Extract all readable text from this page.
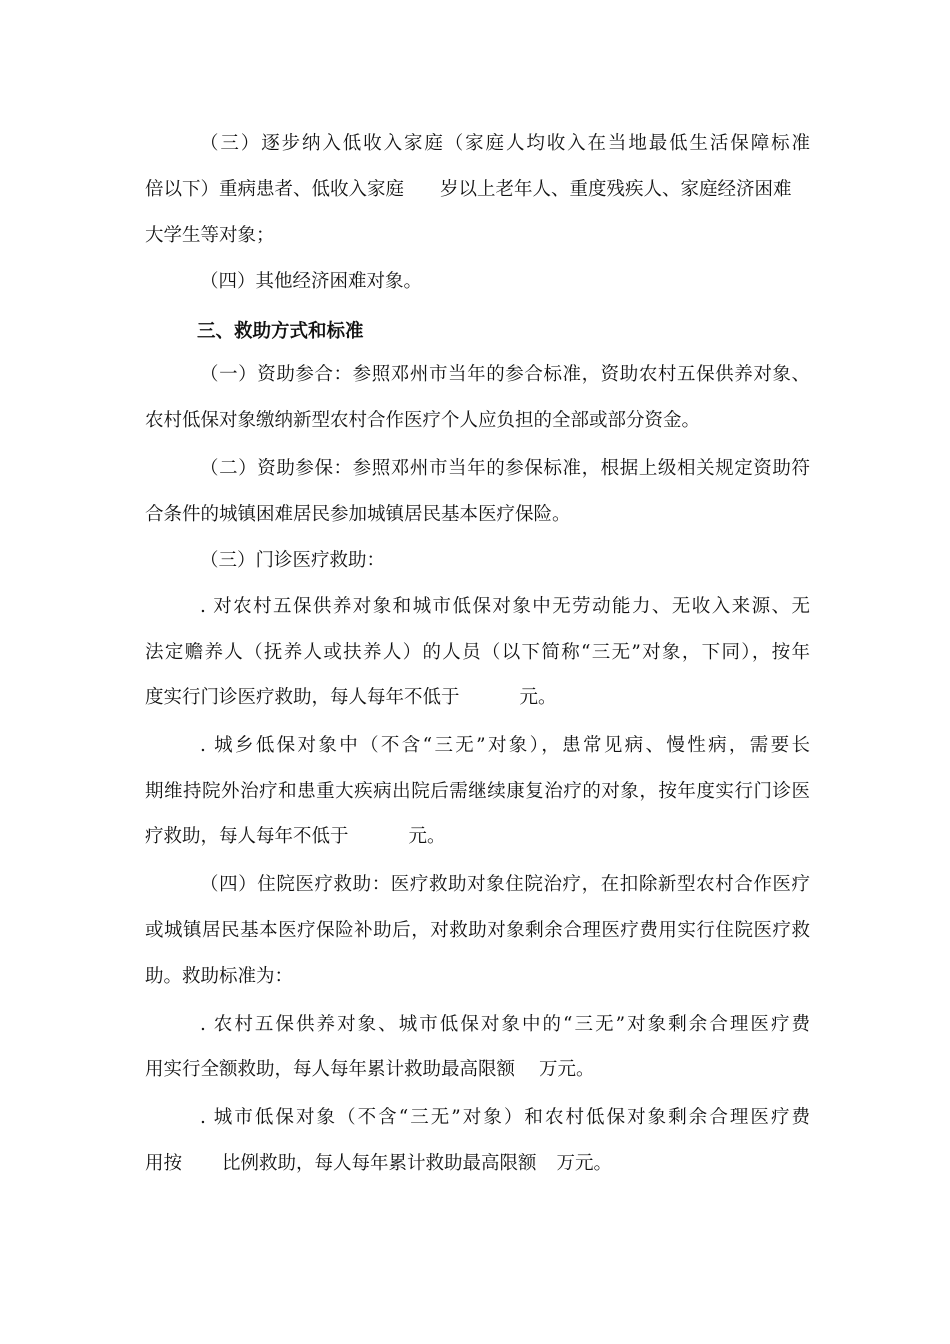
（三）逐步纳入低收入家庭（家庭人均收入在当地最低生活保障标准
倍以下）重病患者、低收入家庭 岁以上老年人、重度残疾人、家庭经济困难
大学生等对象；
（四）其他经济困难对象。
三、救助方式和标准
（一）资助参合：参照邓州市当年的参合标准，资助农村五保供养对象、
农村低保对象缴纳新型农村合作医疗个人应负担的全部或部分资金。
（二）资助参保：参照邓州市当年的参保标准，根据上级相关规定资助符
合条件的城镇困难居民参加城镇居民基本医疗保险。
（三）门诊医疗救助：
. 对农村五保供养对象和城市低保对象中无劳动能力、无收入来源、无
法定赡养人（抚养人或扶养人）的人员（以下简称“三无”对象，下同），按年
度实行门诊医疗救助，每人每年不低于	元。
. 城乡低保对象中（不含“三无”对象），患常见病、慢性病，需要长
期维持院外治疗和患重大疾病出院后需继续康复治疗的对象，按年度实行门诊医
疗救助，每人每年不低于	元。
（四）住院医疗救助：医疗救助对象住院治疗，在扣除新型农村合作医疗
或城镇居民基本医疗保险补助后，对救助对象剩余合理医疗费用实行住院医疗救
助。救助标准为：
. 农村五保供养对象、城市低保对象中的“三无”对象剩余合理医疗费
用实行全额救助，每人每年累计救助最高限额 万元。
. 城市低保对象（不含“三无”对象）和农村低保对象剩余合理医疗费
用按 比例救助，每人每年累计救助最高限额 万元。
